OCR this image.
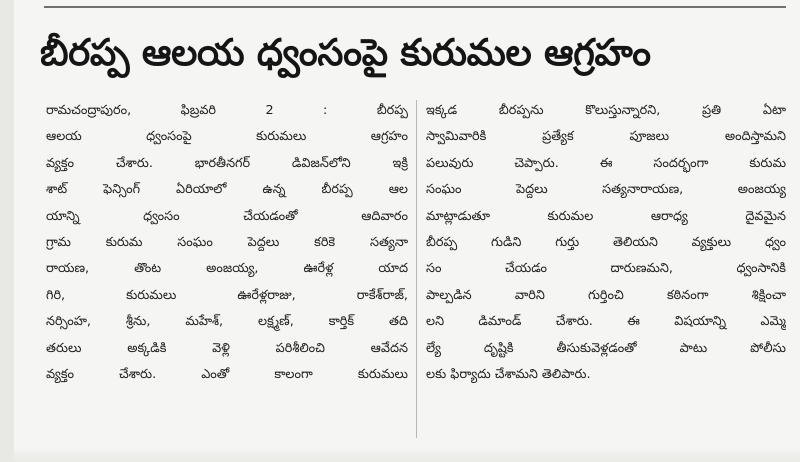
బీరప్ప ఆలయ ధ్వంసంపై కురుమల ఆగ్రహం
రామచంద్రాపురం, ఫిబ్రవరి 2 : బీరప్ప
ఆలయ ధ్వంసంపై కురుమలు ఆగ్రహం
వ్యక్తం చేశారు. భారతీనగర్ డివిజన్‌లోని ఇక్రి
శాట్ ఫెన్సింగ్ ఏరియాలో ఉన్న బీరప్ప ఆల
యాన్ని ధ్వంసం చేయడంతో ఆదివారం
గ్రామ కురుమ సంఘం పెద్దలు కరికె సత్యనా
రాయణ, తొంట అంజయ్య, ఊరేళ్ల యాద
గిరి, కురుమలు ఊరేళ్లరాజు, రాకేశ్‌రాజ్,
నర్సింహ, శ్రీను, మహేశ్, లక్ష్మణ్, కార్తిక్ తది
తరులు అక్కడికి వెళ్లి పరిశీలించి ఆవేదన
వ్యక్తం చేశారు. ఎంతో కాలంగా కురుమలు
ఇక్కడ బీరప్పను కొలుస్తున్నారని, ప్రతి ఏటా
స్వామివారికి ప్రత్యేక పూజలు అందిస్తామని
పలువురు చెప్పారు. ఈ సందర్భంగా కురుమ
సంఘం పెద్దలు సత్యనారాయణ, అంజయ్య
మాట్లాడుతూ కురుమల ఆరాధ్య దైవమైన
బీరప్ప గుడిని గుర్తు తెలియని వ్యక్తులు ధ్వం
సం చేయడం దారుణమని, ధ్వంసానికి
పాల్పడిన వారిని గుర్తించి కఠినంగా శిక్షించా
లని డిమాండ్ చేశారు. ఈ విషయాన్ని ఎమ్మె
ల్యే దృష్టికి తీసుకువెళ్లడంతో పాటు పోలీసు
లకు ఫిర్యాదు చేశామని తెలిపారు.
